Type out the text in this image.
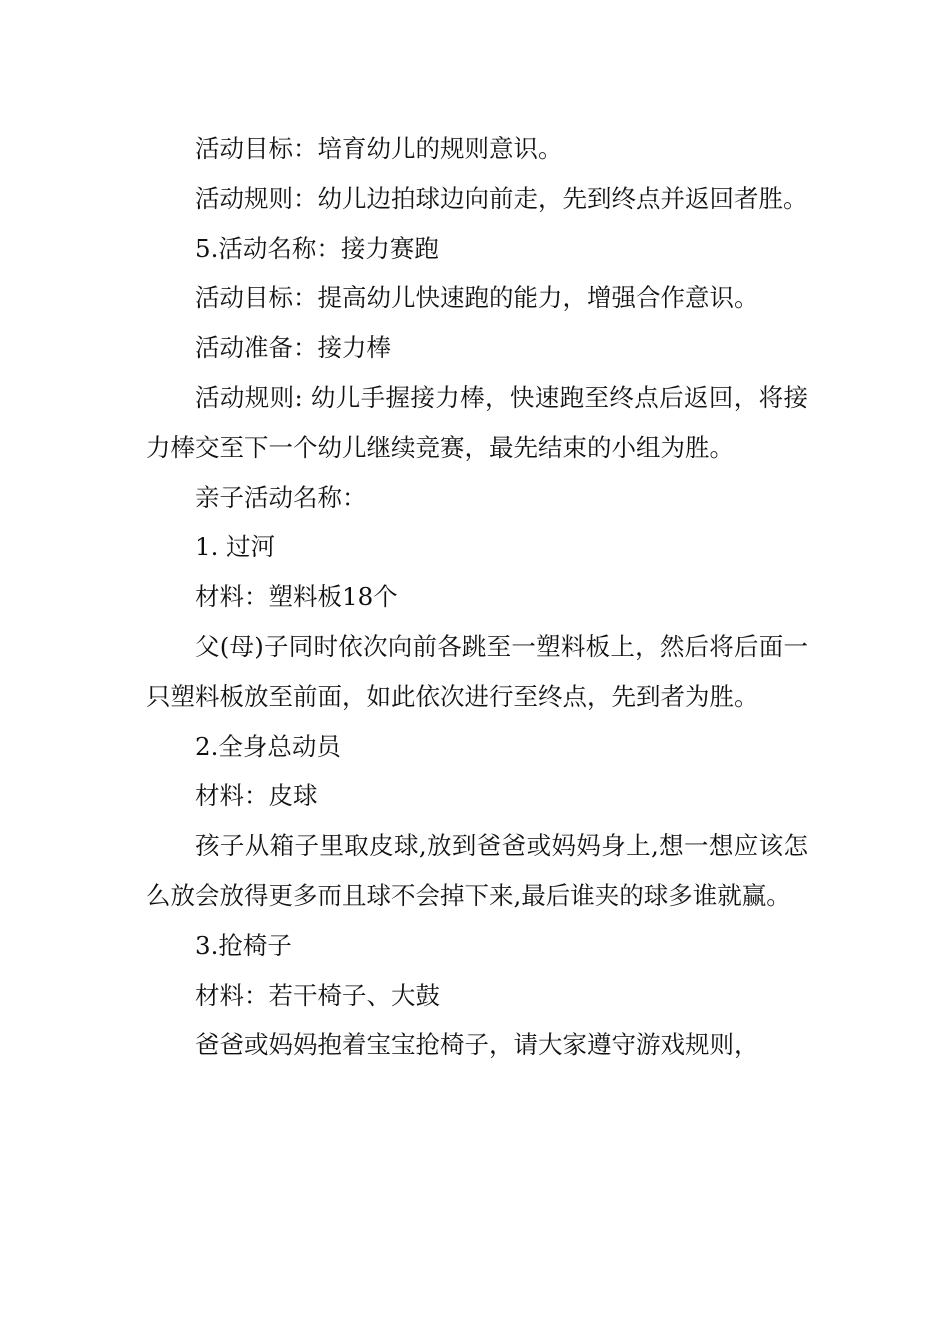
活动目标：培育幼儿的规则意识。

活动规则：幼儿边拍球边向前走，先到终点并返回者胜。

5.活动名称：接力赛跑

活动目标：提高幼儿快速跑的能力，增强合作意识。

活动准备：接力棒

活动规则: 幼儿手握接力棒，快速跑至终点后返回，将接力棒交至下一个幼儿继续竞赛，最先结束的小组为胜。

亲子活动名称：

1. 过河

材料：塑料板18个

父(母)子同时依次向前各跳至一塑料板上，然后将后面一只塑料板放至前面，如此依次进行至终点，先到者为胜。

2.全身总动员

材料：皮球

孩子从箱子里取皮球,放到爸爸或妈妈身上,想一想应该怎么放会放得更多而且球不会掉下来,最后谁夹的球多谁就赢。

3.抢椅子

材料：若干椅子、大鼓

爸爸或妈妈抱着宝宝抢椅子，请大家遵守游戏规则，
